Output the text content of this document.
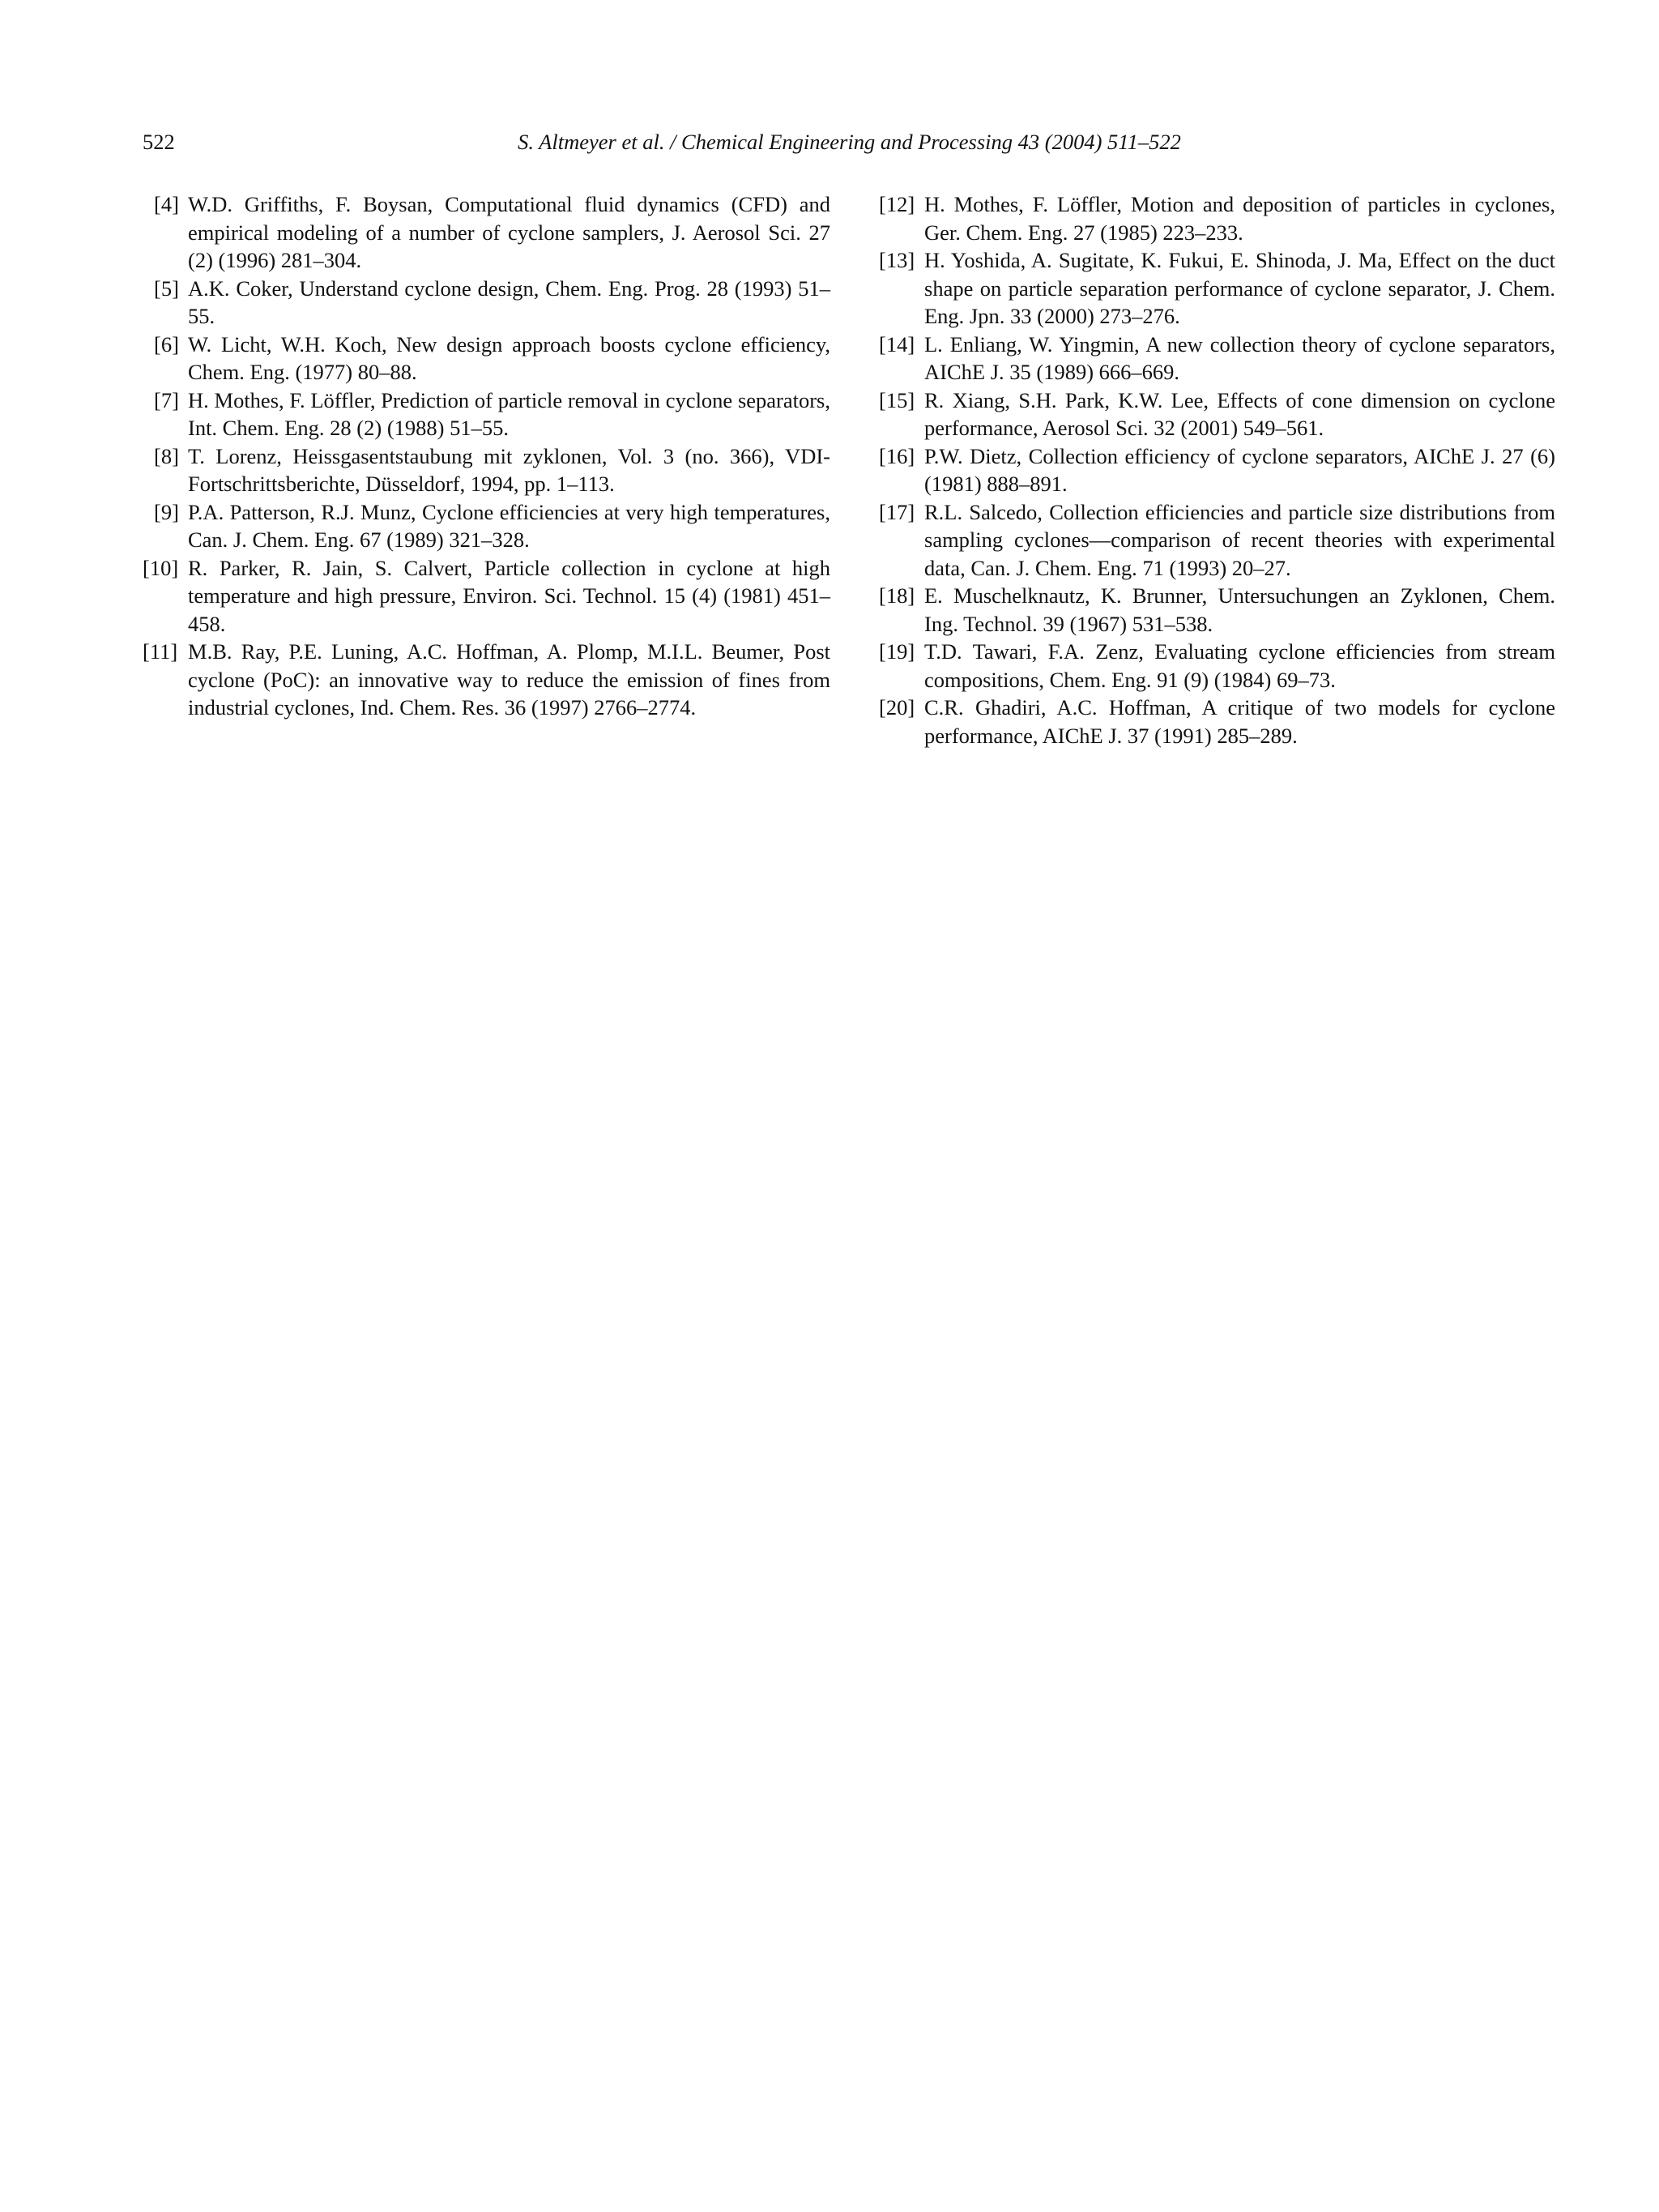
522	S. Altmeyer et al. / Chemical Engineering and Processing 43 (2004) 511–522
[4] W.D. Griffiths, F. Boysan, Computational fluid dynamics (CFD) and empirical modeling of a number of cyclone samplers, J. Aerosol Sci. 27 (2) (1996) 281–304.
[5] A.K. Coker, Understand cyclone design, Chem. Eng. Prog. 28 (1993) 51–55.
[6] W. Licht, W.H. Koch, New design approach boosts cyclone efficiency, Chem. Eng. (1977) 80–88.
[7] H. Mothes, F. Löffler, Prediction of particle removal in cyclone separators, Int. Chem. Eng. 28 (2) (1988) 51–55.
[8] T. Lorenz, Heissgasentstaubung mit zyklonen, Vol. 3 (no. 366), VDI-Fortschrittsberichte, Düsseldorf, 1994, pp. 1–113.
[9] P.A. Patterson, R.J. Munz, Cyclone efficiencies at very high temperatures, Can. J. Chem. Eng. 67 (1989) 321–328.
[10] R. Parker, R. Jain, S. Calvert, Particle collection in cyclone at high temperature and high pressure, Environ. Sci. Technol. 15 (4) (1981) 451–458.
[11] M.B. Ray, P.E. Luning, A.C. Hoffman, A. Plomp, M.I.L. Beumer, Post cyclone (PoC): an innovative way to reduce the emission of fines from industrial cyclones, Ind. Chem. Res. 36 (1997) 2766–2774.
[12] H. Mothes, F. Löffler, Motion and deposition of particles in cyclones, Ger. Chem. Eng. 27 (1985) 223–233.
[13] H. Yoshida, A. Sugitate, K. Fukui, E. Shinoda, J. Ma, Effect on the duct shape on particle separation performance of cyclone separator, J. Chem. Eng. Jpn. 33 (2000) 273–276.
[14] L. Enliang, W. Yingmin, A new collection theory of cyclone separators, AIChE J. 35 (1989) 666–669.
[15] R. Xiang, S.H. Park, K.W. Lee, Effects of cone dimension on cyclone performance, Aerosol Sci. 32 (2001) 549–561.
[16] P.W. Dietz, Collection efficiency of cyclone separators, AIChE J. 27 (6) (1981) 888–891.
[17] R.L. Salcedo, Collection efficiencies and particle size distributions from sampling cyclones—comparison of recent theories with experimental data, Can. J. Chem. Eng. 71 (1993) 20–27.
[18] E. Muschelknautz, K. Brunner, Untersuchungen an Zyklonen, Chem. Ing. Technol. 39 (1967) 531–538.
[19] T.D. Tawari, F.A. Zenz, Evaluating cyclone efficiencies from stream compositions, Chem. Eng. 91 (9) (1984) 69–73.
[20] C.R. Ghadiri, A.C. Hoffman, A critique of two models for cyclone performance, AIChE J. 37 (1991) 285–289.
